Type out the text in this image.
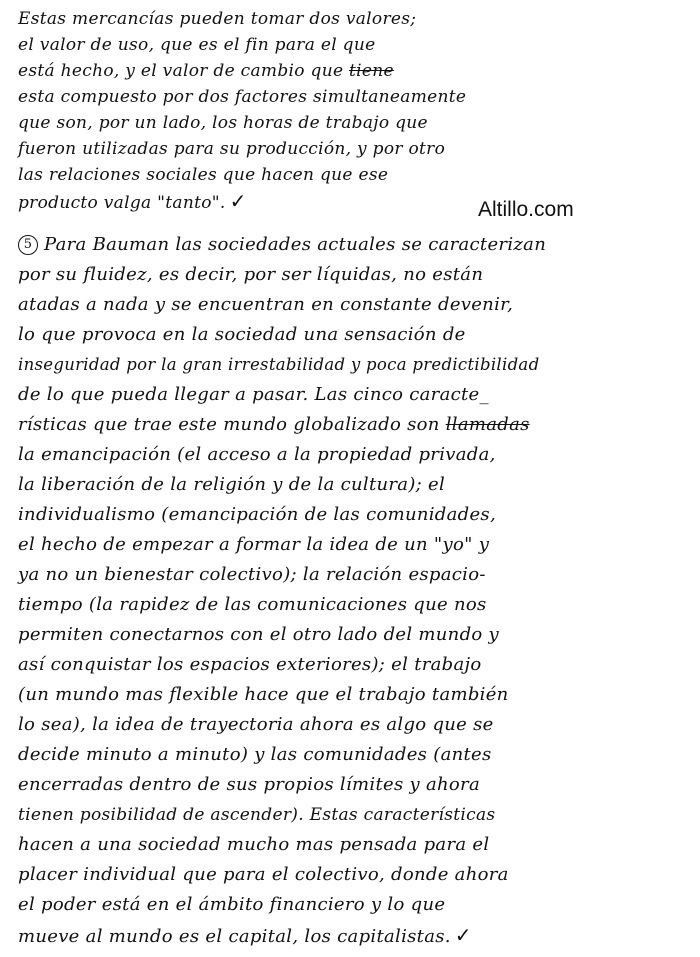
Estas mercancías pueden tomar dos valores;
el valor de uso, que es el fin para el que
está hecho, y el valor de cambio que tiene
esta compuesto por dos factores simultaneamente
que son, por un lado, los horas de trabajo que
fueron utilizadas para su producción, y por otro
las relaciones sociales que hacen que ese
producto valga "tanto". ✓	Altillo.com
5 Para Bauman las sociedades actuales se caracterizan
por su fluidez, es decir, por ser líquidas, no están
atadas a nada y se encuentran en constante devenir,
lo que provoca en la sociedad una sensación de
inseguridad por la gran irrestabilidad y poca predictibilidad
de lo que pueda llegar a pasar. Las cinco caracte_
rísticas que trae este mundo globalizado son llamadas
la emancipación (el acceso a la propiedad privada,
la liberación de la religión y de la cultura); el
individualismo (emancipación de las comunidades,
el hecho de empezar a formar la idea de un "yo" y
ya no un bienestar colectivo); la relación espacio-
tiempo (la rapidez de las comunicaciones que nos
permiten conectarnos con el otro lado del mundo y
así conquistar los espacios exteriores); el trabajo
(un mundo mas flexible hace que el trabajo también
lo sea), la idea de trayectoria ahora es algo que se
decide minuto a minuto) y las comunidades (antes
encerradas dentro de sus propios límites y ahora
tienen posibilidad de ascender). Estas características
hacen a una sociedad mucho mas pensada para el
placer individual que para el colectivo, donde ahora
el poder está en el ámbito financiero y lo que
mueve al mundo es el capital, los capitalistas. ✓
